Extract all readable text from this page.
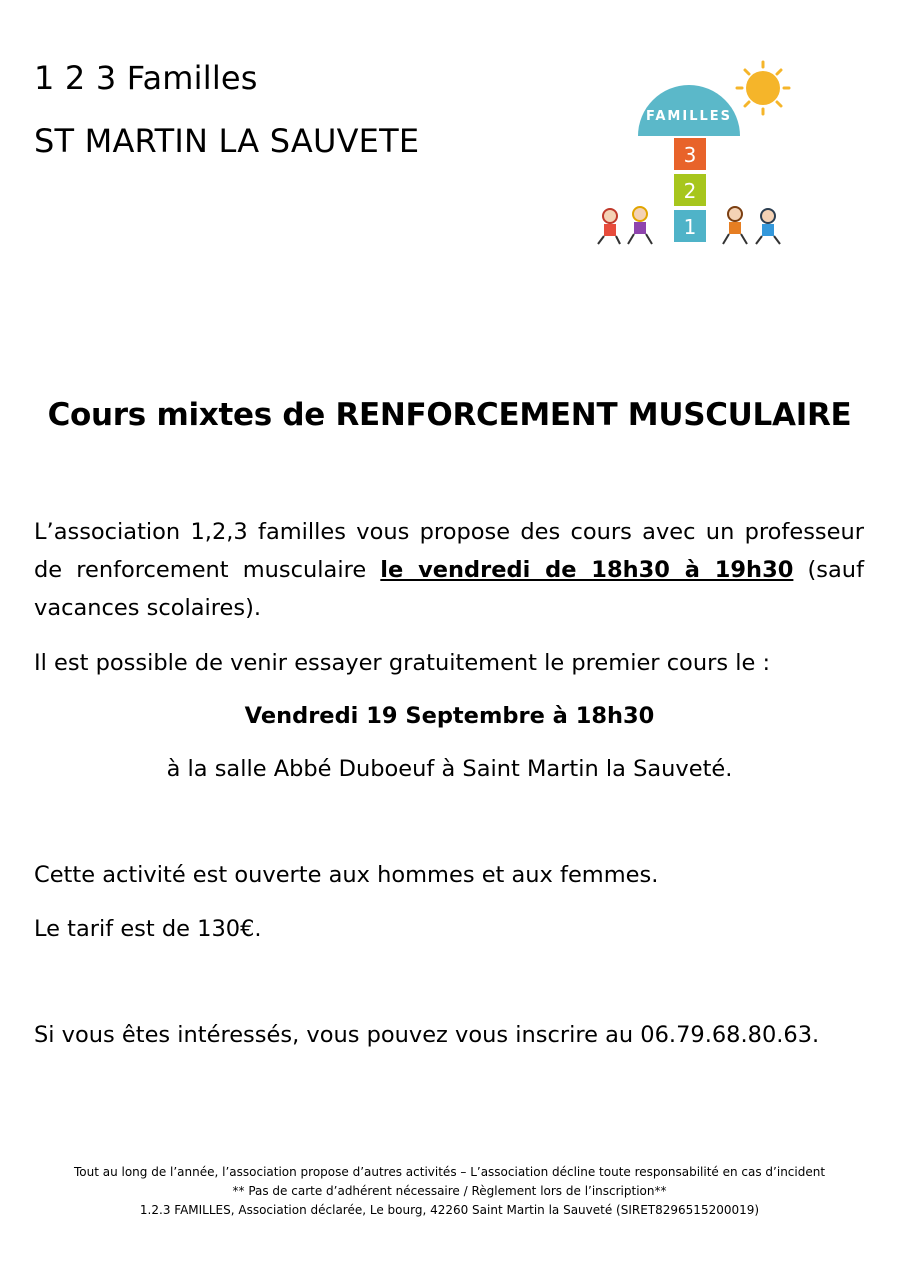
1 2 3 Familles
ST MARTIN LA SAUVETE
FAMILLES
3
2
1
Cours mixtes de RENFORCEMENT MUSCULAIRE
L’association 1,2,3 familles vous propose des cours avec un professeur de renforcement musculaire le vendredi de 18h30 à 19h30 (sauf vacances scolaires).
Il est possible de venir essayer gratuitement le premier cours le :
Vendredi 19 Septembre à 18h30
à la salle Abbé Duboeuf à Saint Martin la Sauveté.
Cette activité est ouverte aux hommes et aux femmes.
Le tarif est de 130€.
Si vous êtes intéressés, vous pouvez vous inscrire au 06.79.68.80.63.
Tout au long de l’année, l’association propose d’autres activités – L’association décline toute responsabilité en cas d’incident
** Pas de carte d’adhérent nécessaire / Règlement lors de l’inscription**
1.2.3 FAMILLES, Association déclarée, Le bourg, 42260 Saint Martin la Sauveté (SIRET8296515200019)
